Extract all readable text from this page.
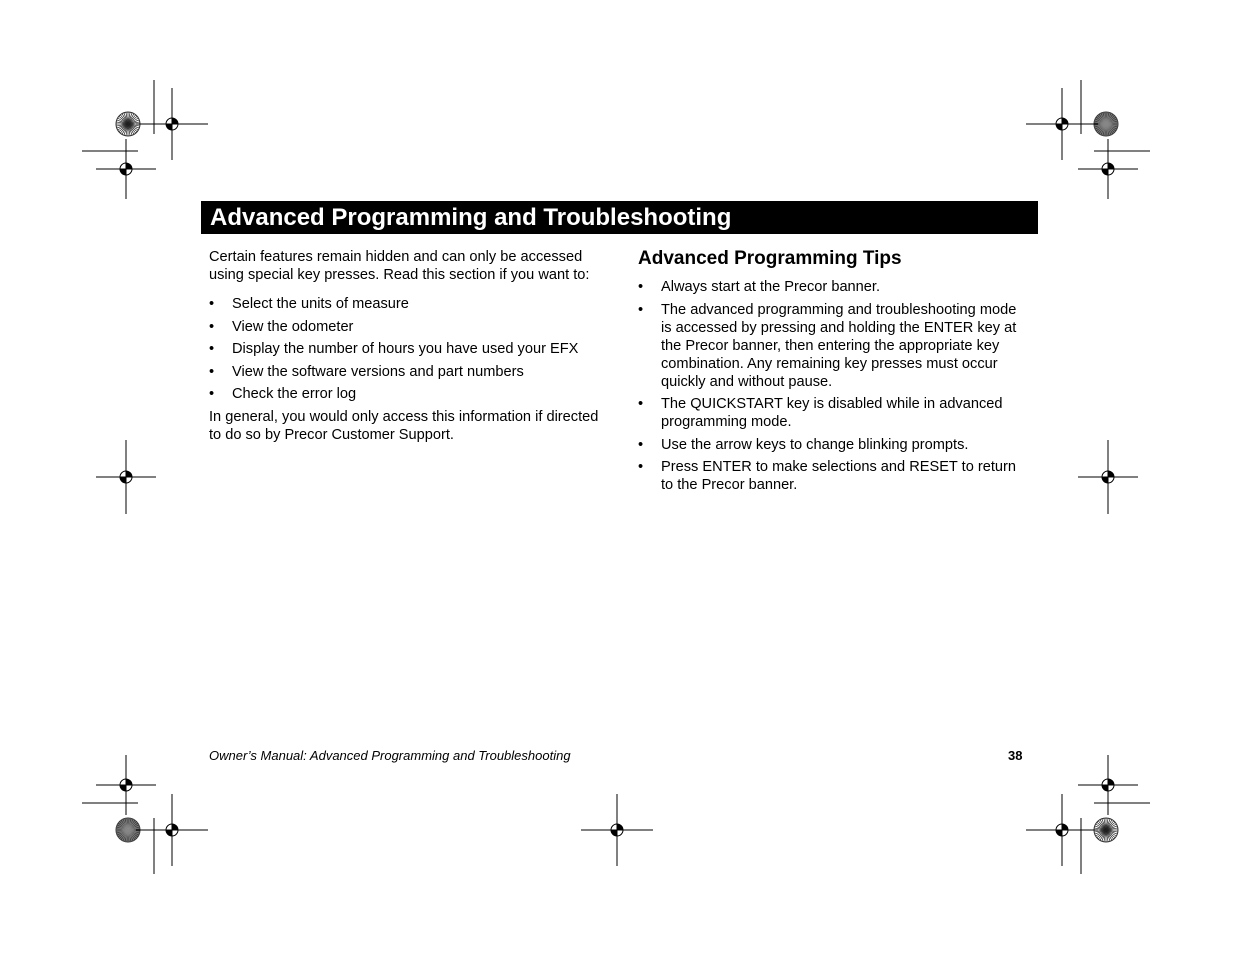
Advanced Programming and Troubleshooting

Certain features remain hidden and can only be accessed using special key presses. Read this section if you want to:

• Select the units of measure
• View the odometer
• Display the number of hours you have used your EFX
• View the software versions and part numbers
• Check the error log

In general, you would only access this information if directed to do so by Precor Customer Support.

Advanced Programming Tips
• Always start at the Precor banner.
• The advanced programming and troubleshooting mode is accessed by pressing and holding the ENTER key at the Precor banner, then entering the appropriate key combination. Any remaining key presses must occur quickly and without pause.
• The QUICKSTART key is disabled while in advanced programming mode.
• Use the arrow keys to change blinking prompts.
• Press ENTER to make selections and RESET to return to the Precor banner.
Owner’s Manual: Advanced Programming and Troubleshooting	38
